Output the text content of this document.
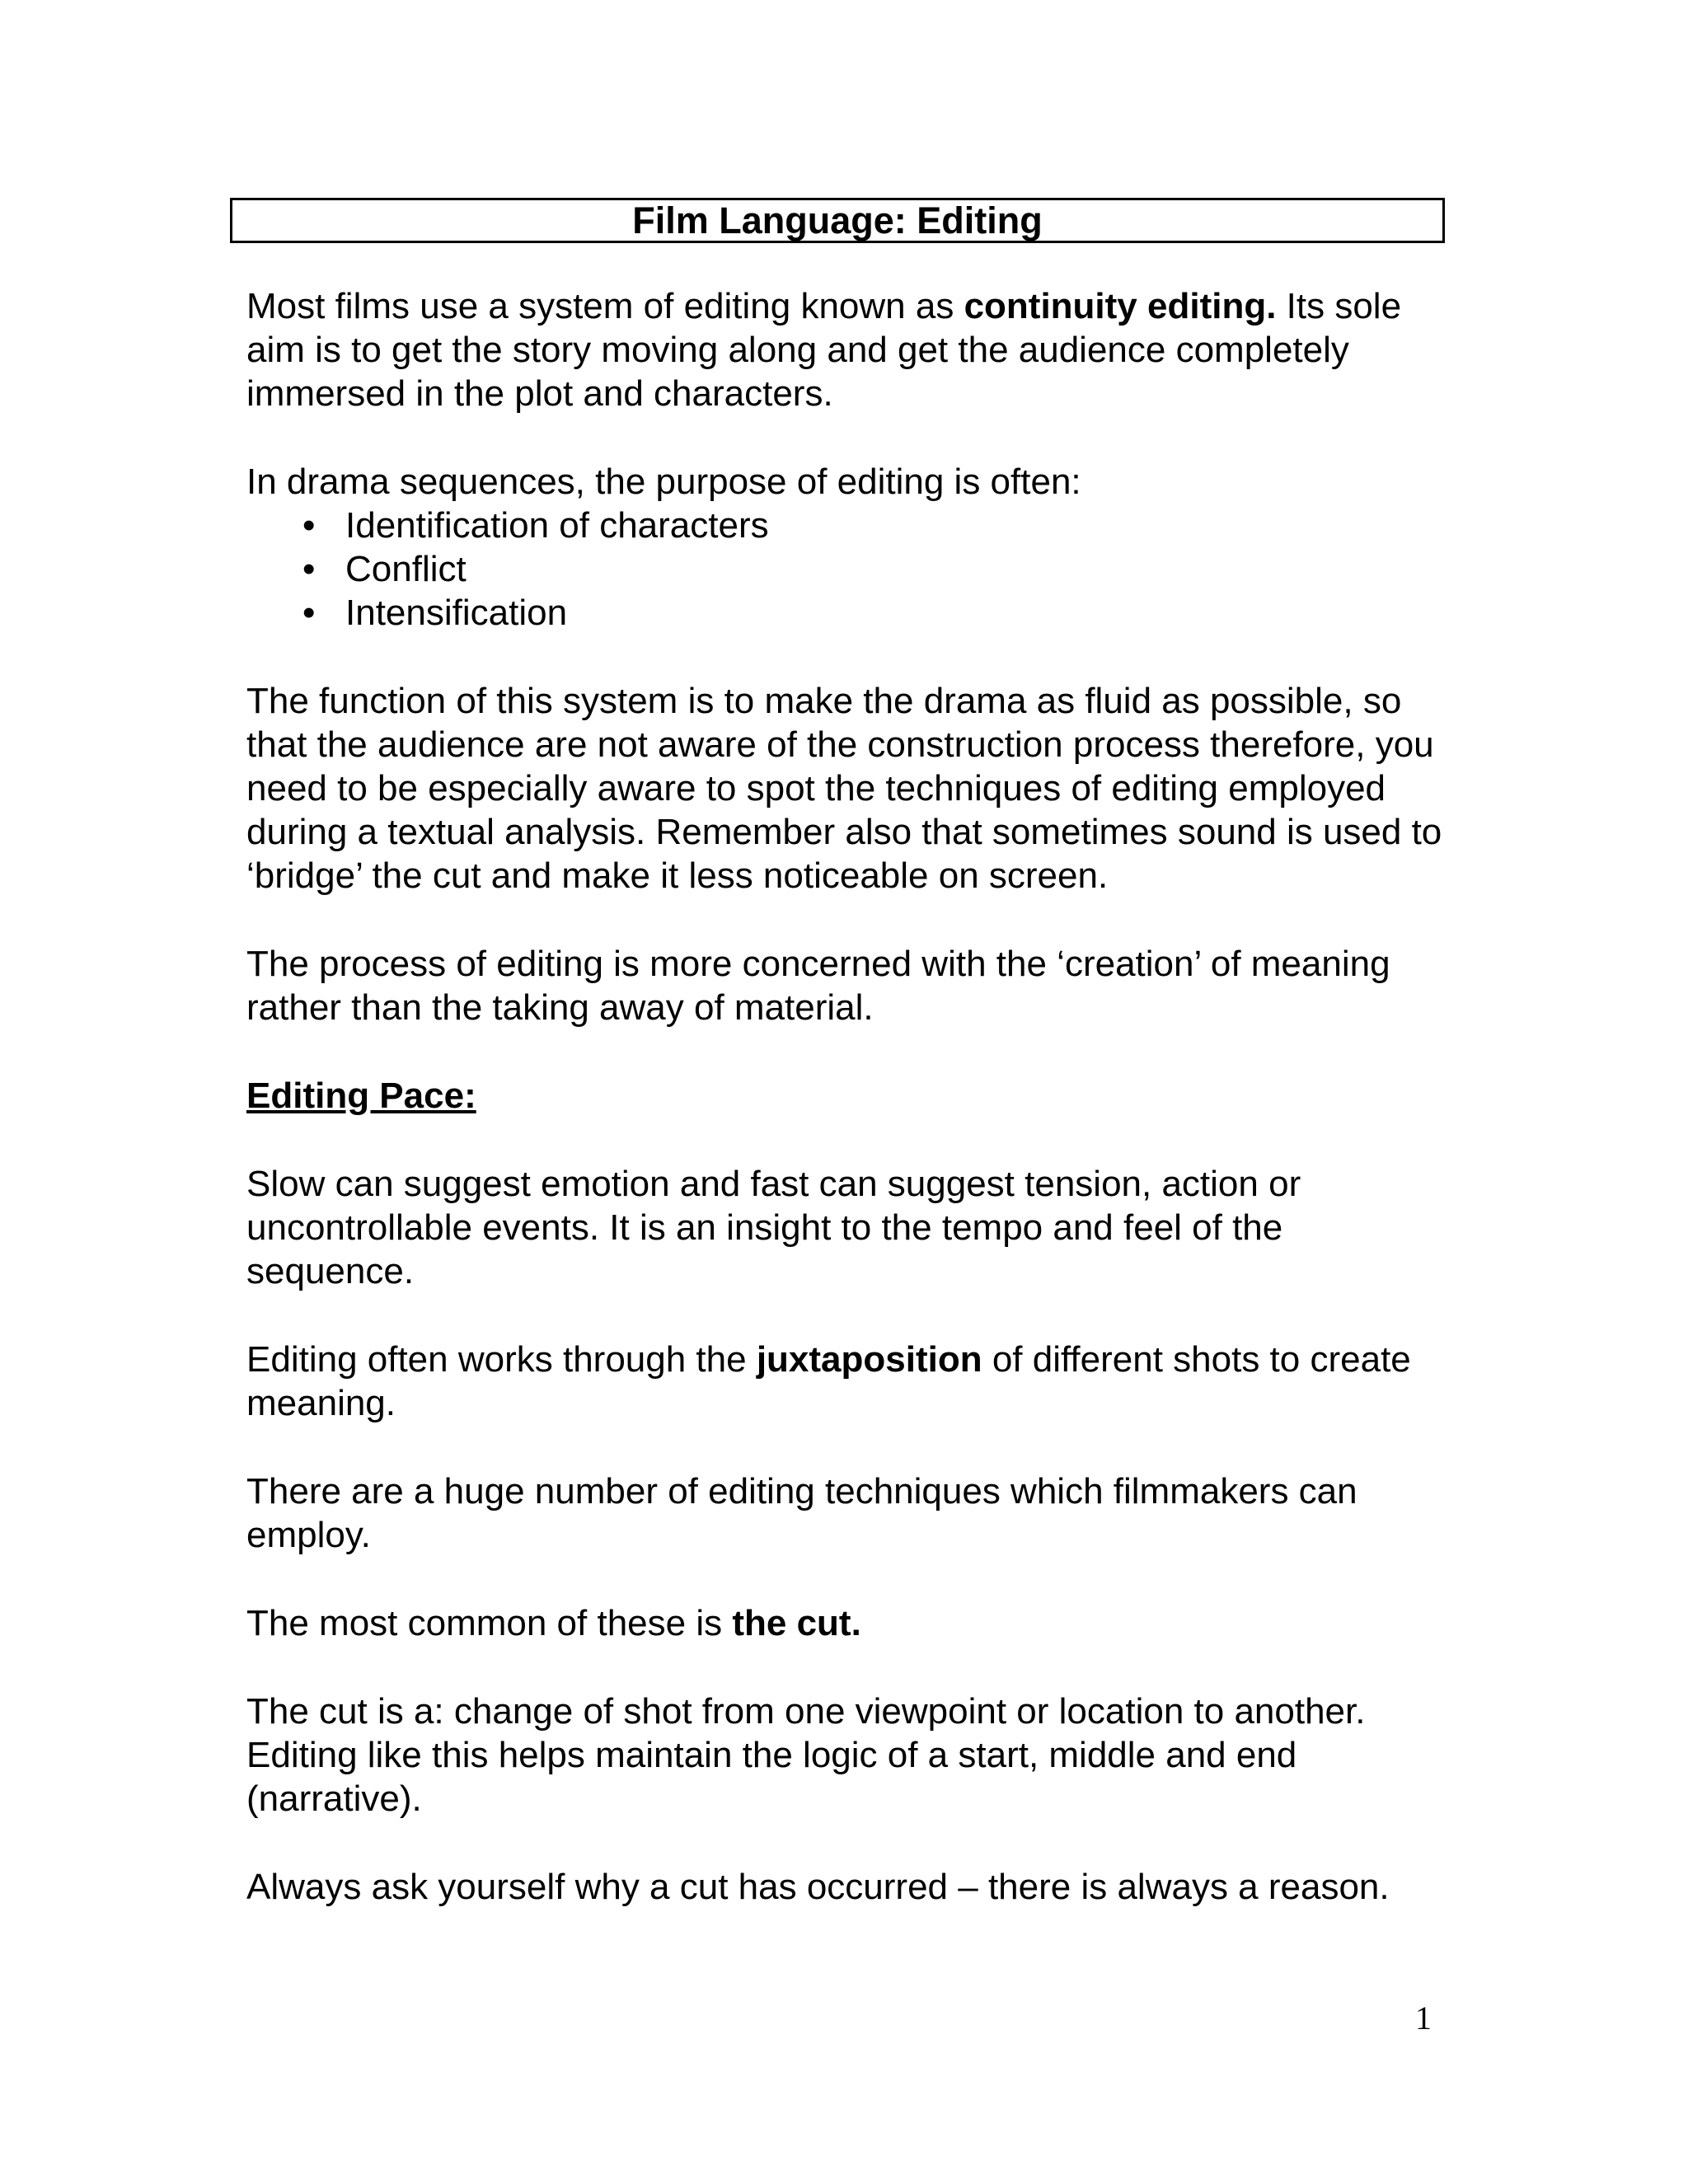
Film Language: Editing

Most films use a system of editing known as continuity editing. Its sole aim is to get the story moving along and get the audience completely immersed in the plot and characters.

In drama sequences, the purpose of editing is often:

• Identification of characters
• Conflict
• Intensification

The function of this system is to make the drama as fluid as possible, so that the audience are not aware of the construction process therefore, you need to be especially aware to spot the techniques of editing employed during a textual analysis. Remember also that sometimes sound is used to ‘bridge’ the cut and make it less noticeable on screen.

The process of editing is more concerned with the ‘creation’ of meaning rather than the taking away of material.

Editing Pace:

Slow can suggest emotion and fast can suggest tension, action or uncontrollable events. It is an insight to the tempo and feel of the sequence.

Editing often works through the juxtaposition of different shots to create meaning.

There are a huge number of editing techniques which filmmakers can employ.

The most common of these is the cut.

The cut is a: change of shot from one viewpoint or location to another. Editing like this helps maintain the logic of a start, middle and end (narrative).

Always ask yourself why a cut has occurred – there is always a reason.

1
